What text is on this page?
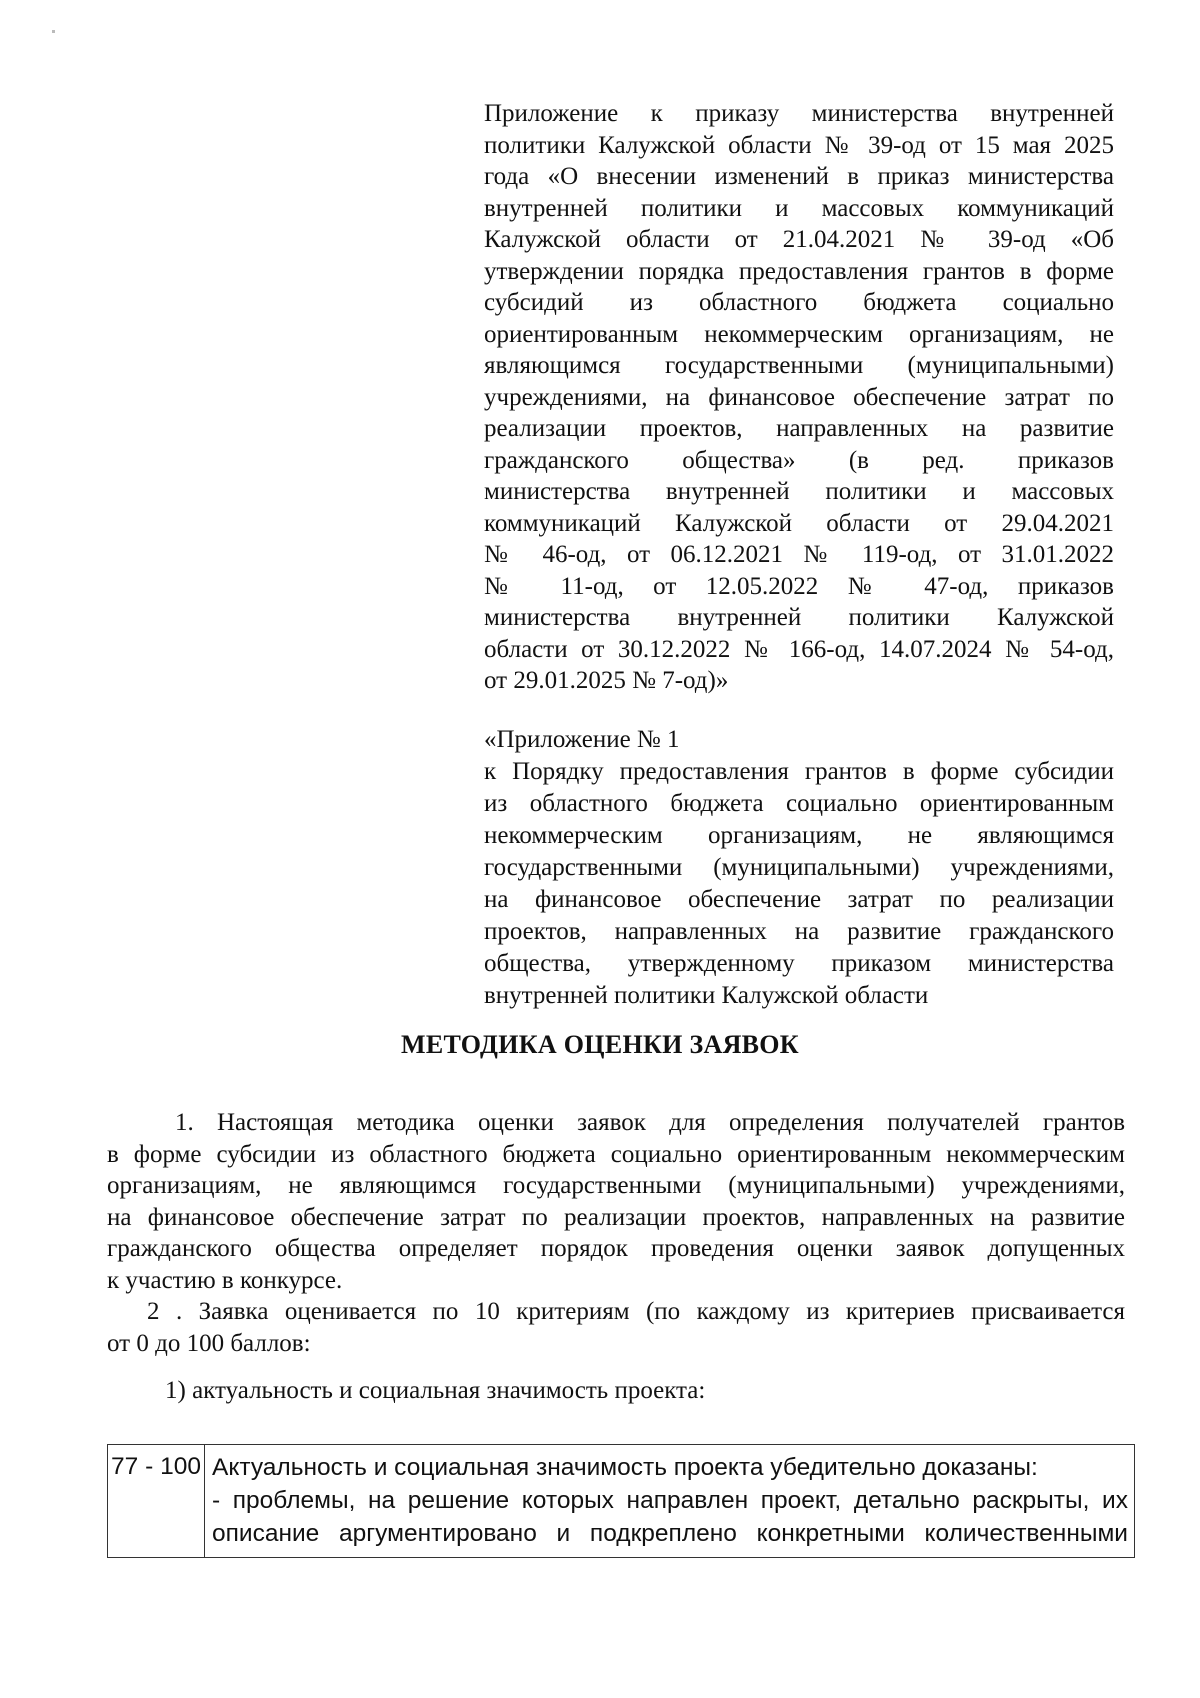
Приложение к приказу министерства внутренней
политики Калужской области № 39-од от 15 мая 2025
года «О внесении изменений в приказ министерства
внутренней политики и массовых коммуникаций
Калужской области от 21.04.2021 № 39-од «Об
утверждении порядка предоставления грантов в форме
субсидий из областного бюджета социально
ориентированным некоммерческим организациям, не
являющимся государственными (муниципальными)
учреждениями, на финансовое обеспечение затрат по
реализации проектов, направленных на развитие
гражданского общества» (в ред. приказов
министерства внутренней политики и массовых
коммуникаций Калужской области от 29.04.2021
№ 46-од, от 06.12.2021 № 119-од, от 31.01.2022
№ 11-од, от 12.05.2022 № 47-од, приказов
министерства внутренней политики Калужской
области от 30.12.2022 № 166-од, 14.07.2024 № 54-од,
от 29.01.2025 № 7-од)»
«Приложение № 1
к Порядку предоставления грантов в форме субсидии
из областного бюджета социально ориентированным
некоммерческим организациям, не являющимся
государственными (муниципальными) учреждениями,
на финансовое обеспечение затрат по реализации
проектов, направленных на развитие гражданского
общества, утвержденному приказом министерства
внутренней политики Калужской области
МЕТОДИКА ОЦЕНКИ ЗАЯВОК
1. Настоящая методика оценки заявок для определения получателей грантов
в форме субсидии из областного бюджета социально ориентированным некоммерческим
организациям, не являющимся государственными (муниципальными) учреждениями,
на финансовое обеспечение затрат по реализации проектов, направленных на развитие
гражданского общества определяет порядок проведения оценки заявок допущенных
к участию в конкурсе.
2 . Заявка оценивается по 10 критериям (по каждому из критериев присваивается
от 0 до 100 баллов:
1) актуальность и социальная значимость проекта:
77 - 100	Актуальность и социальная значимость проекта убедительно доказаны:
- проблемы, на решение которых направлен проект, детально раскрыты, их
описание аргументировано и подкреплено конкретными количественными
